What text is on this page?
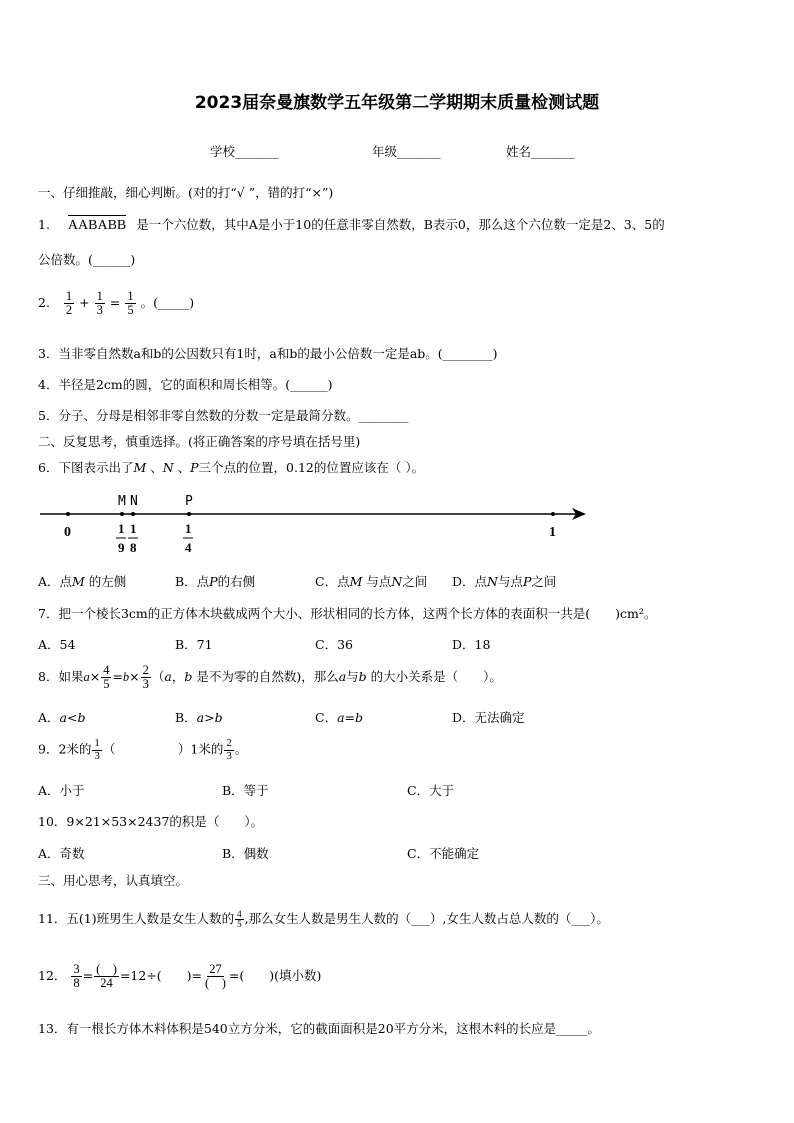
2023届奈曼旗数学五年级第二学期期末质量检测试题
学校_______	年级_______	姓名_______
一、仔细推敲，细心判断。(对的打“√ ”，错的打“×”)
1. AABABB 是一个六位数，其中A是小于10的任意非零自然数，B表示0，那么这个六位数一定是2、3、5的
公倍数。(______)
2. $\frac{1}{2} + \frac{1}{3} = \frac{1}{5}$ 。(_____)
3．当非零自然数a和b的公因数只有1时，a和b的最小公倍数一定是ab。(________)
4．半径是2cm的圆，它的面积和周长相等。(______)
5．分子、分母是相邻非零自然数的分数一定是最简分数。________
二、反复思考，慎重选择。(将正确答案的序号填在括号里)
6．下图表示出了𝑀 、𝑁 、𝑃三个点的位置，0.12的位置应该在（ ）。
M N	P
0	1
1
9
1
8
1
4
A．点𝑀 的左侧	B．点𝑃的右侧	C．点𝑀 与点𝑁之间 D．点𝑁与点𝑃之间
7．把一个棱长3cm的正方体木块截成两个大小、形状相同的长方体，这两个长方体的表面积一共是(　　)cm²。
A．54	B．71	C．36	D．18
8．如果$a\times \frac{4}{5} =b\times \frac{2}{3}$ （𝑎，𝑏 是不为零的自然数)，那么𝑎与𝑏 的大小关系是（　　）。
A．𝑎<𝑏	B．𝑎>𝑏	C．𝑎=𝑏	D．无法确定
9．2米的 $\frac{1}{3}$ （　　　　　）1米的 $\frac{2}{3}$ 。
A．小于	B．等于	C．大于
10．9×21×53×2437的积是（　　）。
A．奇数	B．偶数	C．不能确定
三、用心思考，认真填空。
11．五(1)班男生人数是女生人数的 $\frac{4}{5}$ ,那么女生人数是男生人数的（___）,女生人数占总人数的（___）。
12． $\frac{3}{8} = \frac{( )}{24} =12\div$(　　)= $\frac{27}{( )}$ =(　　)(填小数)
13．有一根长方体木料体积是540立方分米，它的截面面积是20平方分米，这根木料的长应是_____。
